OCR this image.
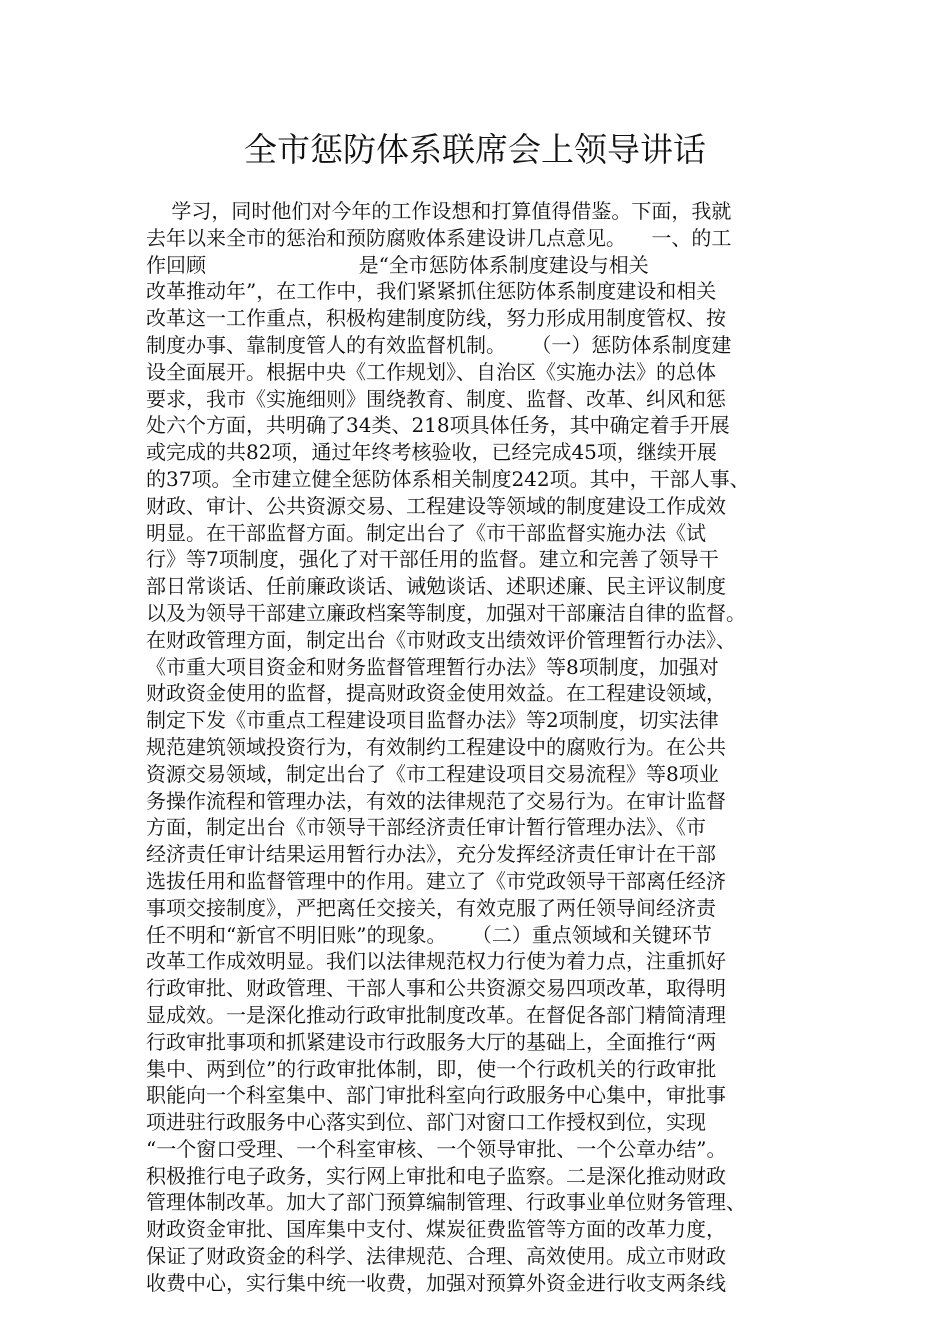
全市惩防体系联席会上领导讲话
学习，同时他们对今年的工作设想和打算值得借鉴。下面，我就
去年以来全市的惩治和预防腐败体系建设讲几点意见。    一、的工
作回顾                        是“全市惩防体系制度建设与相关
改革推动年”，在工作中，我们紧紧抓住惩防体系制度建设和相关
改革这一工作重点，积极构建制度防线，努力形成用制度管权、按
制度办事、靠制度管人的有效监督机制。    （一）惩防体系制度建
设全面展开。根据中央《工作规划》、自治区《实施办法》的总体
要求，我市《实施细则》围绕教育、制度、监督、改革、纠风和惩
处六个方面，共明确了34类、218项具体任务，其中确定着手开展
或完成的共82项，通过年终考核验收，已经完成45项，继续开展
的37项。全市建立健全惩防体系相关制度242项。其中，干部人事、
财政、审计、公共资源交易、工程建设等领域的制度建设工作成效
明显。在干部监督方面。制定出台了《市干部监督实施办法《试
行》等7项制度，强化了对干部任用的监督。建立和完善了领导干
部日常谈话、任前廉政谈话、诫勉谈话、述职述廉、民主评议制度
以及为领导干部建立廉政档案等制度，加强对干部廉洁自律的监督。
在财政管理方面，制定出台《市财政支出绩效评价管理暂行办法》、
《市重大项目资金和财务监督管理暂行办法》等8项制度，加强对
财政资金使用的监督，提高财政资金使用效益。在工程建设领域，
制定下发《市重点工程建设项目监督办法》等2项制度，切实法律
规范建筑领域投资行为，有效制约工程建设中的腐败行为。在公共
资源交易领域，制定出台了《市工程建设项目交易流程》等8项业
务操作流程和管理办法，有效的法律规范了交易行为。在审计监督
方面，制定出台《市领导干部经济责任审计暂行管理办法》、《市
经济责任审计结果运用暂行办法》，充分发挥经济责任审计在干部
选拔任用和监督管理中的作用。建立了《市党政领导干部离任经济
事项交接制度》，严把离任交接关，有效克服了两任领导间经济责
任不明和“新官不明旧账”的现象。    （二）重点领域和关键环节
改革工作成效明显。我们以法律规范权力行使为着力点，注重抓好
行政审批、财政管理、干部人事和公共资源交易四项改革，取得明
显成效。一是深化推动行政审批制度改革。在督促各部门精简清理
行政审批事项和抓紧建设市行政服务大厅的基础上，全面推行“两
集中、两到位”的行政审批体制，即，使一个行政机关的行政审批
职能向一个科室集中、部门审批科室向行政服务中心集中，审批事
项进驻行政服务中心落实到位、部门对窗口工作授权到位，实现
“一个窗口受理、一个科室审核、一个领导审批、一个公章办结”。
积极推行电子政务，实行网上审批和电子监察。二是深化推动财政
管理体制改革。加大了部门预算编制管理、行政事业单位财务管理、
财政资金审批、国库集中支付、煤炭征费监管等方面的改革力度，
保证了财政资金的科学、法律规范、合理、高效使用。成立市财政
收费中心，实行集中统一收费，加强对预算外资金进行收支两条线
